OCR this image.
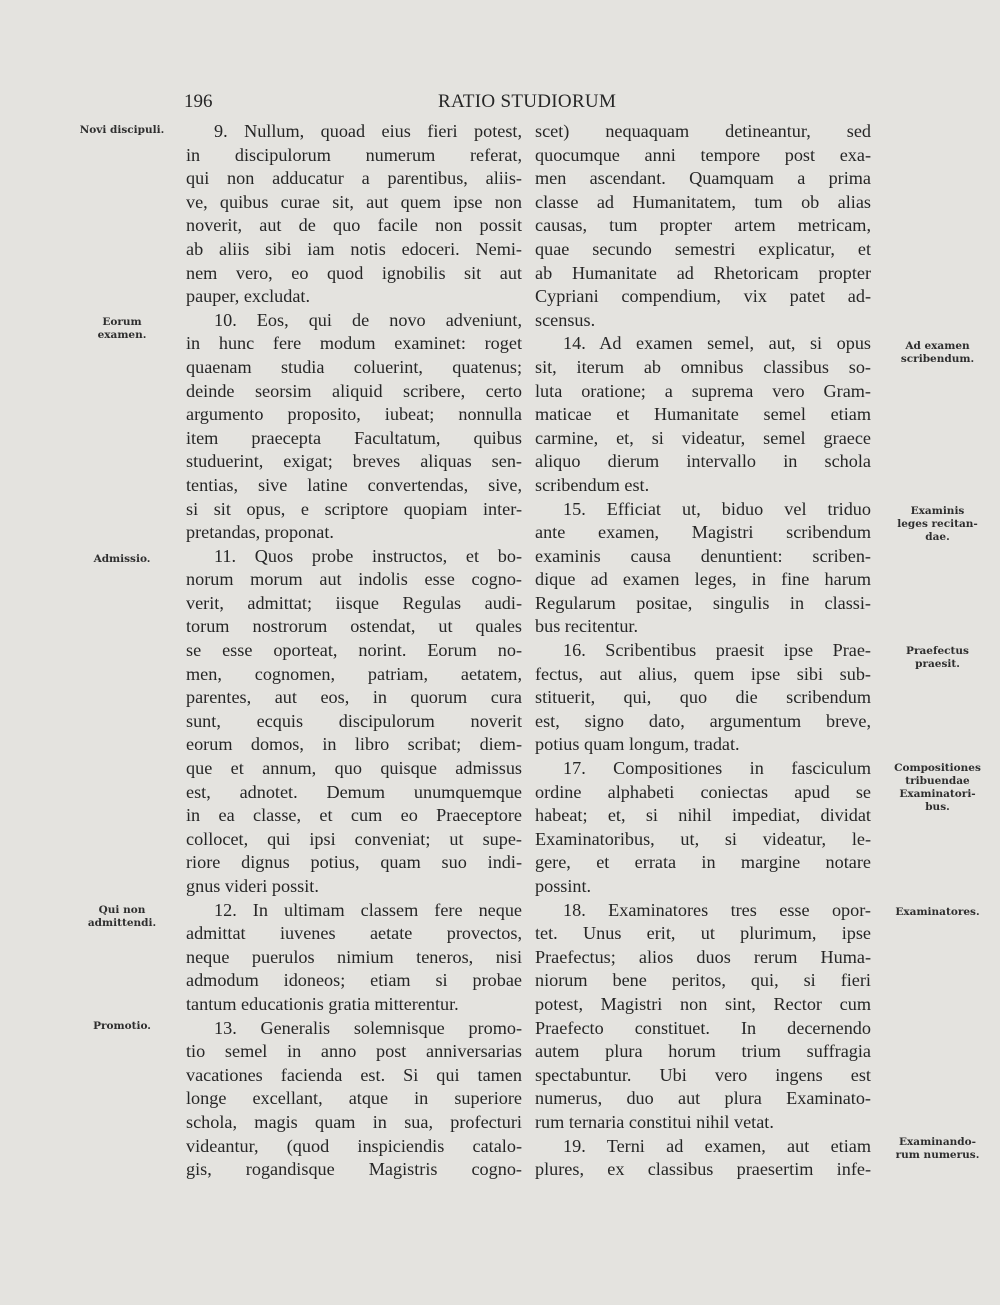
196	RATIO STUDIORUM
Novi discipuli.
Eorum
examen.
Admissio.
Qui non
admittendi.
Promotio.
Ad examen
scribendum.
Examinis
leges recitan-
dae.
Praefectus
praesit.
Compositiones
tribuendae
Examinatori-
bus.
Examinatores.
Examinando-
rum numerus.
9. Nullum, quoad eius fieri potest,
in discipulorum numerum referat,
qui non adducatur a parentibus, aliis-
ve, quibus curae sit, aut quem ipse non
noverit, aut de quo facile non possit
ab aliis sibi iam notis edoceri. Nemi-
nem vero, eo quod ignobilis sit aut
pauper, excludat.
10. Eos, qui de novo adveniunt,
in hunc fere modum examinet: roget
quaenam studia coluerint, quatenus;
deinde seorsim aliquid scribere, certo
argumento proposito, iubeat; nonnulla
item praecepta Facultatum, quibus
studuerint, exigat; breves aliquas sen-
tentias, sive latine convertendas, sive,
si sit opus, e scriptore quopiam inter-
pretandas, proponat.
11. Quos probe instructos, et bo-
norum morum aut indolis esse cogno-
verit, admittat; iisque Regulas audi-
torum nostrorum ostendat, ut quales
se esse oporteat, norint. Eorum no-
men, cognomen, patriam, aetatem,
parentes, aut eos, in quorum cura
sunt, ecquis discipulorum noverit
eorum domos, in libro scribat; diem-
que et annum, quo quisque admissus
est, adnotet. Demum unumquemque
in ea classe, et cum eo Praeceptore
collocet, qui ipsi conveniat; ut supe-
riore dignus potius, quam suo indi-
gnus videri possit.
12. In ultimam classem fere neque
admittat iuvenes aetate provectos,
neque puerulos nimium teneros, nisi
admodum idoneos; etiam si probae
tantum educationis gratia mitterentur.
13. Generalis solemnisque promo-
tio semel in anno post anniversarias
vacationes facienda est. Si qui tamen
longe excellant, atque in superiore
schola, magis quam in sua, profecturi
videantur, (quod inspiciendis catalo-
gis, rogandisque Magistris cogno-
scet) nequaquam detineantur, sed
quocumque anni tempore post exa-
men ascendant. Quamquam a prima
classe ad Humanitatem, tum ob alias
causas, tum propter artem metricam,
quae secundo semestri explicatur, et
ab Humanitate ad Rhetoricam propter
Cypriani compendium, vix patet ad-
scensus.
14. Ad examen semel, aut, si opus
sit, iterum ab omnibus classibus so-
luta oratione; a suprema vero Gram-
maticae et Humanitate semel etiam
carmine, et, si videatur, semel graece
aliquo dierum intervallo in schola
scribendum est.
15. Efficiat ut, biduo vel triduo
ante examen, Magistri scribendum
examinis causa denuntient: scriben-
dique ad examen leges, in fine harum
Regularum positae, singulis in classi-
bus recitentur.
16. Scribentibus praesit ipse Prae-
fectus, aut alius, quem ipse sibi sub-
stituerit, qui, quo die scribendum
est, signo dato, argumentum breve,
potius quam longum, tradat.
17. Compositiones in fasciculum
ordine alphabeti coniectas apud se
habeat; et, si nihil impediat, dividat
Examinatoribus, ut, si videatur, le-
gere, et errata in margine notare
possint.
18. Examinatores tres esse opor-
tet. Unus erit, ut plurimum, ipse
Praefectus; alios duos rerum Huma-
niorum bene peritos, qui, si fieri
potest, Magistri non sint, Rector cum
Praefecto constituet. In decernendo
autem plura horum trium suffragia
spectabuntur. Ubi vero ingens est
numerus, duo aut plura Examinato-
rum ternaria constitui nihil vetat.
19. Terni ad examen, aut etiam
plures, ex classibus praesertim infe-
